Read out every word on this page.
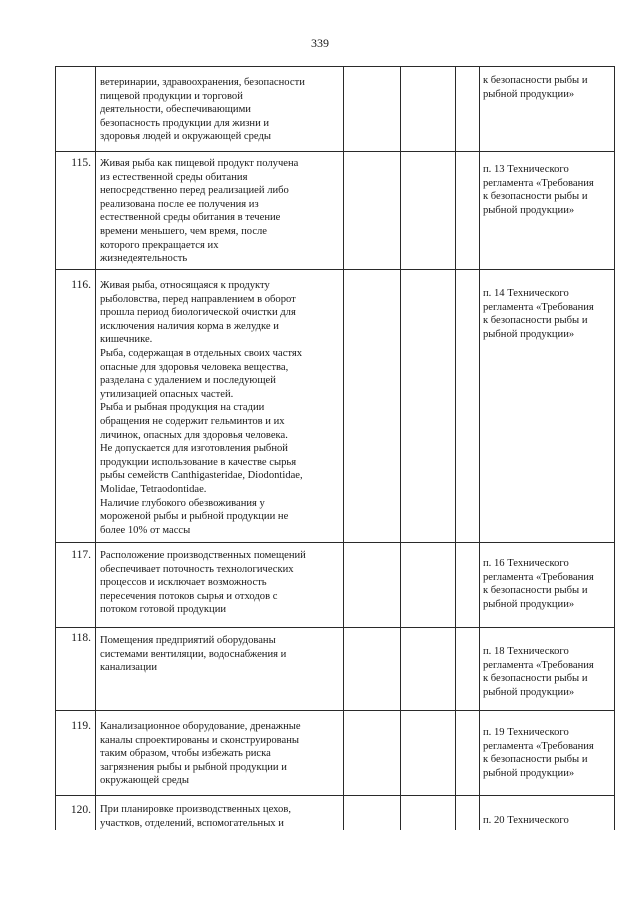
339
ветеринарии, здравоохранения, безопасности
пищевой продукции и торговой
деятельности, обеспечивающими
безопасность продукции для жизни и
здоровья людей и окружающей среды
к безопасности рыбы и
рыбной продукции»
115. Живая рыба как пищевой продукт получена
из естественной среды обитания
непосредственно перед реализацией либо
реализована после ее получения из
естественной среды обитания в течение
времени меньшего, чем время, после
которого прекращается их
жизнедеятельность
п. 13 Технического
регламента «Требования
к безопасности рыбы и
рыбной продукции»
116. Живая рыба, относящаяся к продукту
рыболовства, перед направлением в оборот
прошла период биологической очистки для
исключения наличия корма в желудке и
кишечнике.
Рыба, содержащая в отдельных своих частях
опасные для здоровья человека вещества,
разделана с удалением и последующей
утилизацией опасных частей.
Рыба и рыбная продукция на стадии
обращения не содержит гельминтов и их
личинок, опасных для здоровья человека.
Не допускается для изготовления рыбной
продукции использование в качестве сырья
рыбы семейств Canthigasteridae, Diodontidae,
Molidae, Tetraodontidae.
Наличие глубокого обезвоживания у
мороженой рыбы и рыбной продукции не
более 10% от массы
п. 14 Технического
регламента «Требования
к безопасности рыбы и
рыбной продукции»
117. Расположение производственных помещений
обеспечивает поточность технологических
процессов и исключает возможность
пересечения потоков сырья и отходов с
потоком готовой продукции
п. 16 Технического
регламента «Требования
к безопасности рыбы и
рыбной продукции»
118. Помещения предприятий оборудованы
системами вентиляции, водоснабжения и
канализации
п. 18 Технического
регламента «Требования
к безопасности рыбы и
рыбной продукции»
119. Канализационное оборудование, дренажные
каналы спроектированы и сконструированы
таким образом, чтобы избежать риска
загрязнения рыбы и рыбной продукции и
окружающей среды
п. 19 Технического
регламента «Требования
к безопасности рыбы и
рыбной продукции»
120. При планировке производственных цехов,
участков, отделений, вспомогательных и	п. 20 Технического
